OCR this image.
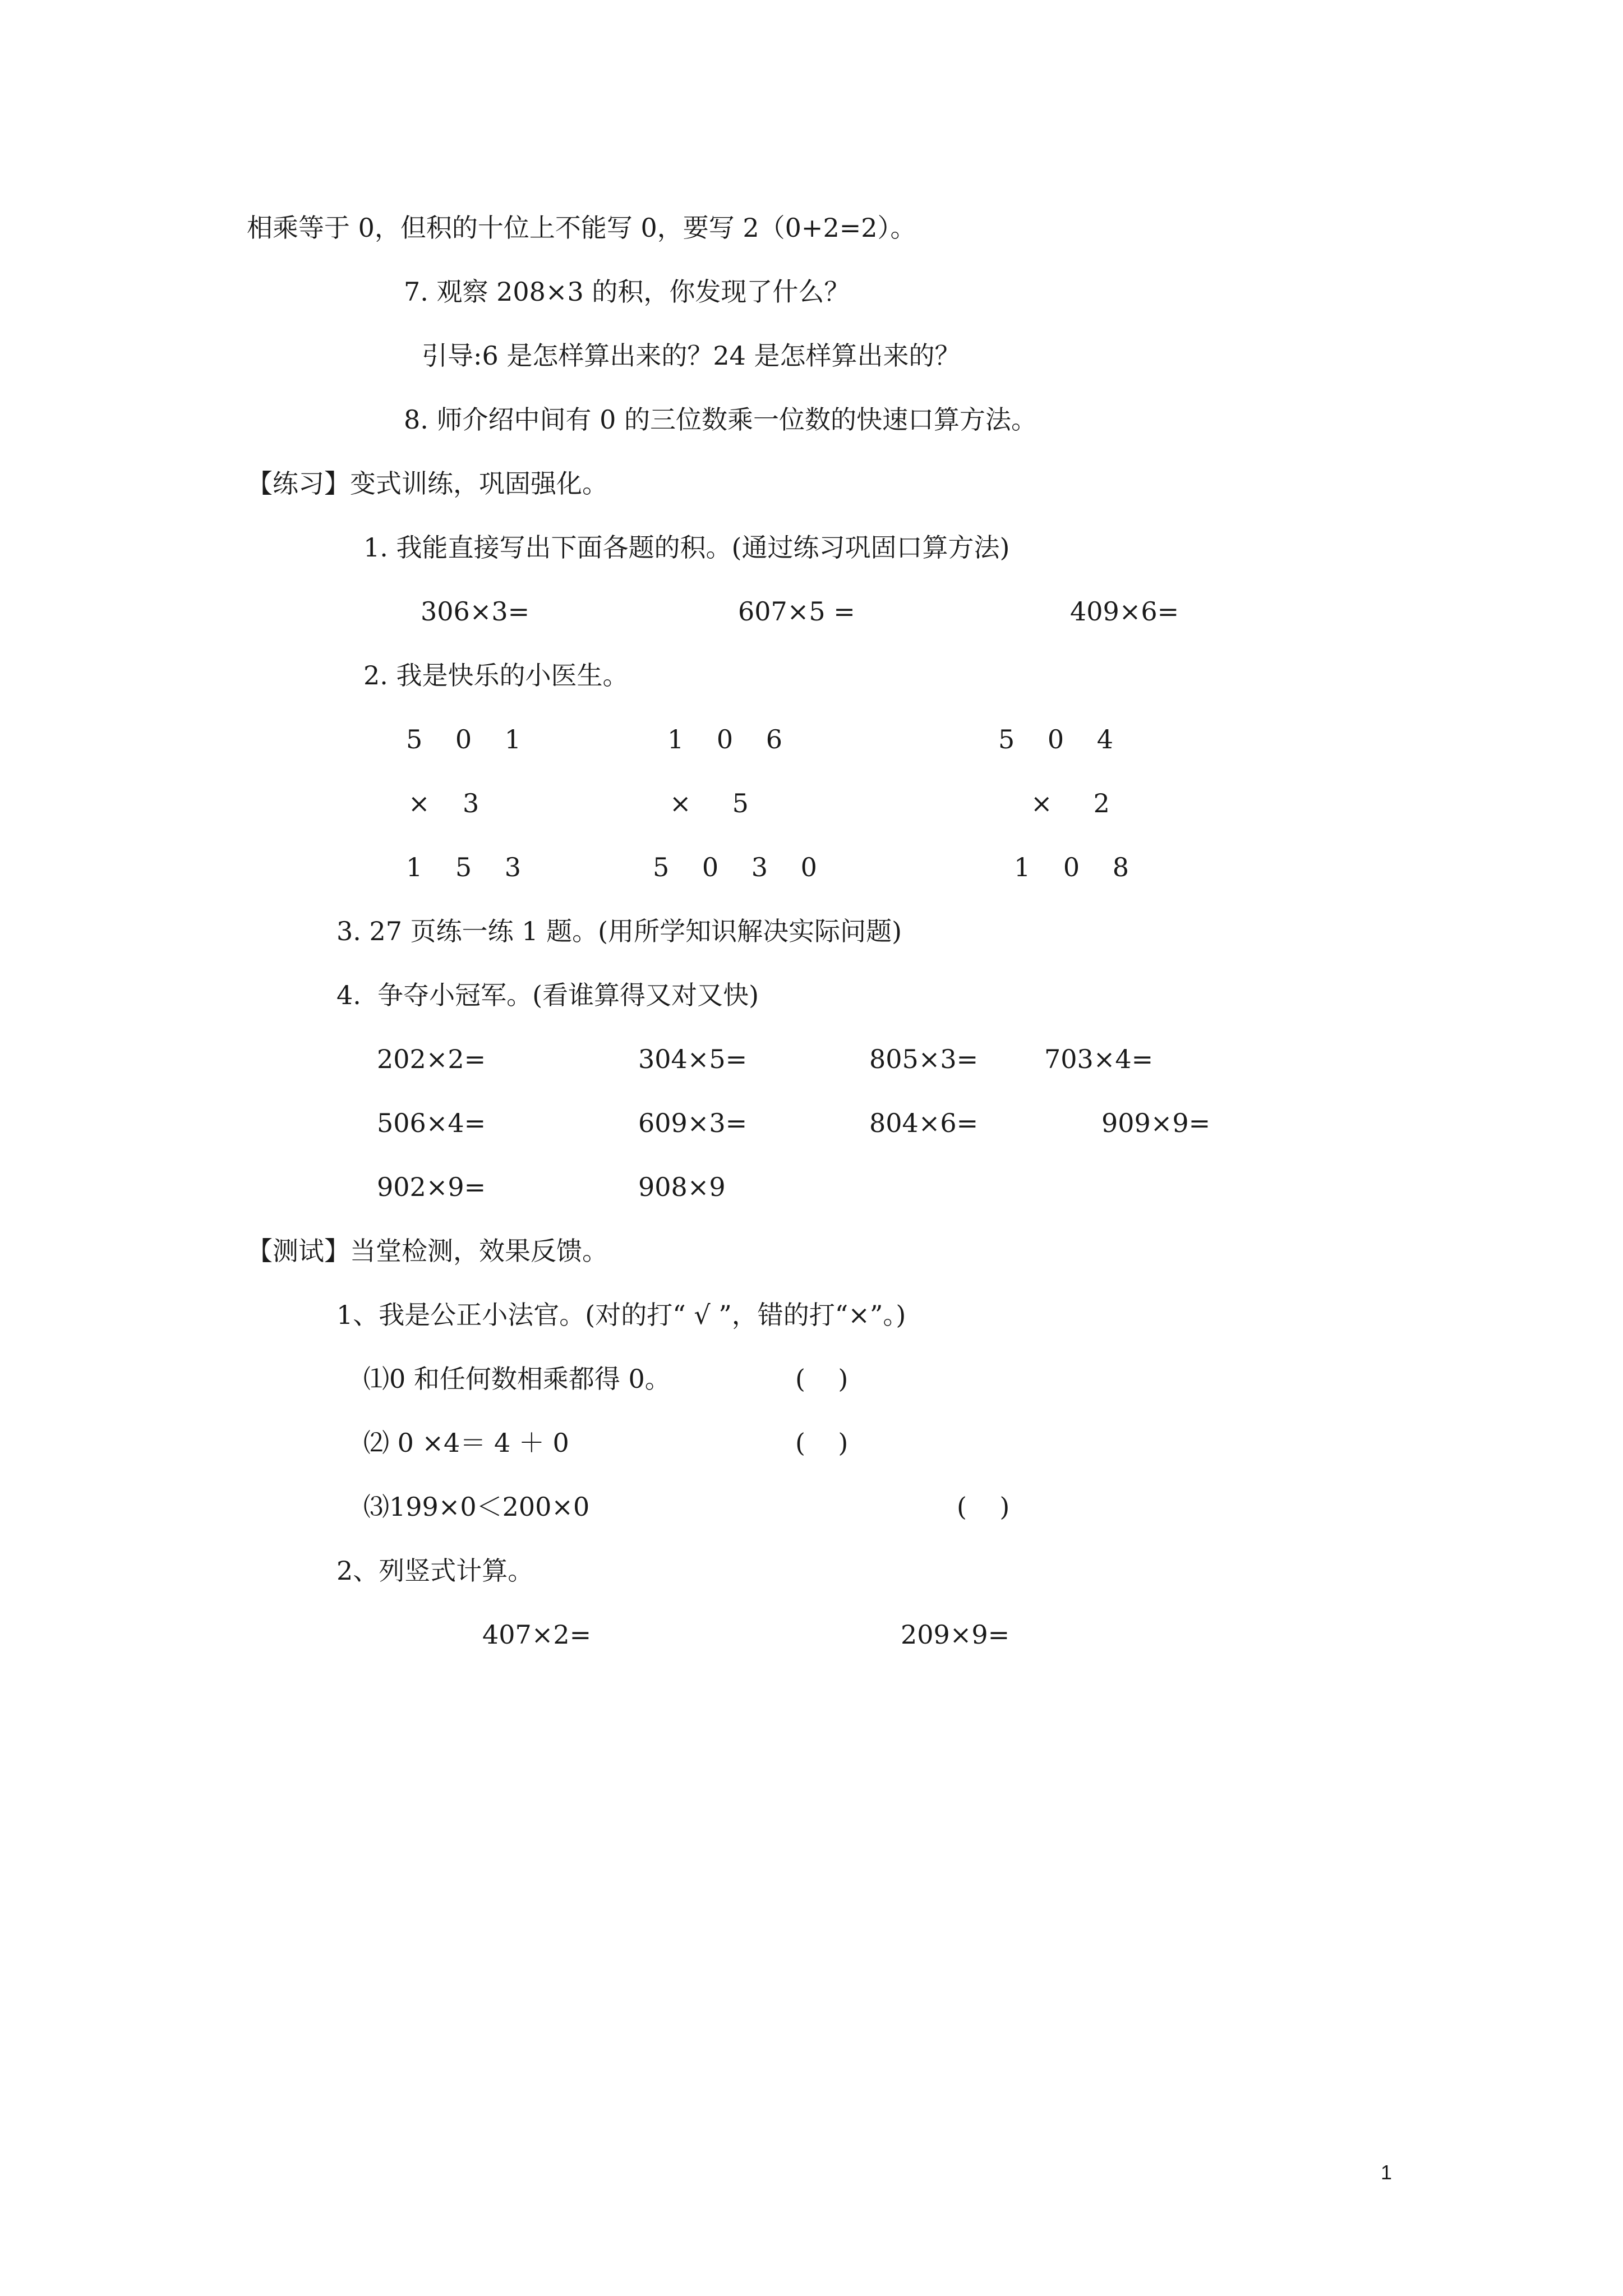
相乘等于 0，但积的十位上不能写 0，要写 2（0+2=2）。
7. 观察 208×3 的积，你发现了什么？
引导:6 是怎样算出来的？24 是怎样算出来的？
8. 师介绍中间有 0 的三位数乘一位数的快速口算方法。
【练习】变式训练，巩固强化。
1. 我能直接写出下面各题的积。(通过练习巩固口算方法)
306×3=	607×5 =	409×6=
2. 我是快乐的小医生。
5 0 1	1 0 6	5 0 4
×    3	×     5	×     2
1 5 3	5 0 3 0	1 0 8
3. 27 页练一练 1 题。(用所学知识解决实际问题)
4.  争夺小冠军。(看谁算得又对又快)
202×2=	304×5=	805×3=	703×4=
506×4=	609×3=	804×6=	909×9=
902×9=	908×9
【测试】当堂检测，效果反馈。
1、我是公正小法官。(对的打“ √ ”，错的打“×”。)
⑴0 和任何数相乘都得 0。	(    )
⑵ 0 ×4＝ 4 ＋ 0	(    )
⑶199×0＜200×0	(    )
2、列竖式计算。
407×2=	209×9=
1
